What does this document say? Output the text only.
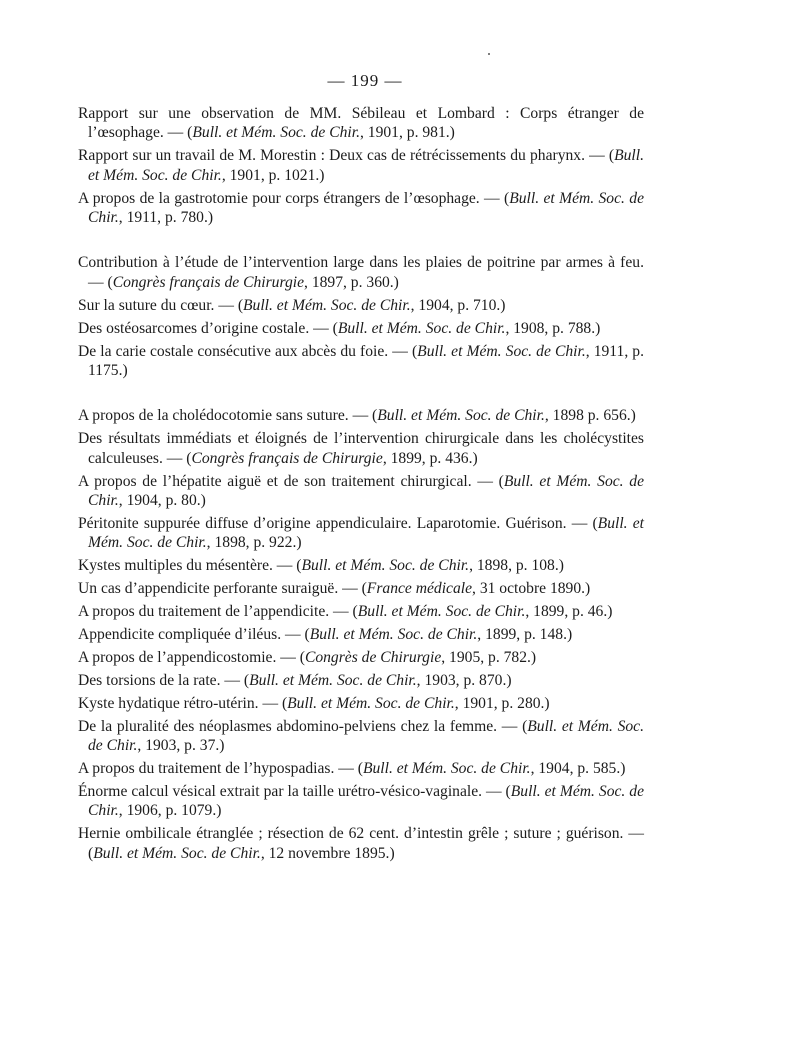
— 199 —

Rapport sur une observation de MM. Sébileau et Lombard : Corps étranger de l’œsophage. — (Bull. et Mém. Soc. de Chir., 1901, p. 981.)

Rapport sur un travail de M. Morestin : Deux cas de rétrécissements du pharynx. — (Bull. et Mém. Soc. de Chir., 1901, p. 1021.)

A propos de la gastrotomie pour corps étrangers de l’œsophage. — (Bull. et Mém. Soc. de Chir., 1911, p. 780.)

Contribution à l’étude de l’intervention large dans les plaies de poitrine par armes à feu. — (Congrès français de Chirurgie, 1897, p. 360.)

Sur la suture du cœur. — (Bull. et Mém. Soc. de Chir., 1904, p. 710.)

Des ostéosarcomes d’origine costale. — (Bull. et Mém. Soc. de Chir., 1908, p. 788.)

De la carie costale consécutive aux abcès du foie. — (Bull. et Mém. Soc. de Chir., 1911, p. 1175.)

A propos de la cholédocotomie sans suture. — (Bull. et Mém. Soc. de Chir., 1898 p. 656.)

Des résultats immédiats et éloignés de l’intervention chirurgicale dans les cholécystites calculeuses. — (Congrès français de Chirurgie, 1899, p. 436.)

A propos de l’hépatite aiguë et de son traitement chirurgical. — (Bull. et Mém. Soc. de Chir., 1904, p. 80.)

Péritonite suppurée diffuse d’origine appendiculaire. Laparotomie. Guérison. — (Bull. et Mém. Soc. de Chir., 1898, p. 922.)

Kystes multiples du mésentère. — (Bull. et Mém. Soc. de Chir., 1898, p. 108.)

Un cas d’appendicite perforante suraiguë. — (France médicale, 31 octobre 1890.)

A propos du traitement de l’appendicite. — (Bull. et Mém. Soc. de Chir., 1899, p. 46.)

Appendicite compliquée d’iléus. — (Bull. et Mém. Soc. de Chir., 1899, p. 148.)

A propos de l’appendicostomie. — (Congrès de Chirurgie, 1905, p. 782.)

Des torsions de la rate. — (Bull. et Mém. Soc. de Chir., 1903, p. 870.)

Kyste hydatique rétro-utérin. — (Bull. et Mém. Soc. de Chir., 1901, p. 280.)

De la pluralité des néoplasmes abdomino-pelviens chez la femme. — (Bull. et Mém. Soc. de Chir., 1903, p. 37.)

A propos du traitement de l’hypospadias. — (Bull. et Mém. Soc. de Chir., 1904, p. 585.)

Énorme calcul vésical extrait par la taille urétro-vésico-vaginale. — (Bull. et Mém. Soc. de Chir., 1906, p. 1079.)

Hernie ombilicale étranglée ; résection de 62 cent. d’intestin grêle ; suture ; guérison. — (Bull. et Mém. Soc. de Chir., 12 novembre 1895.)
